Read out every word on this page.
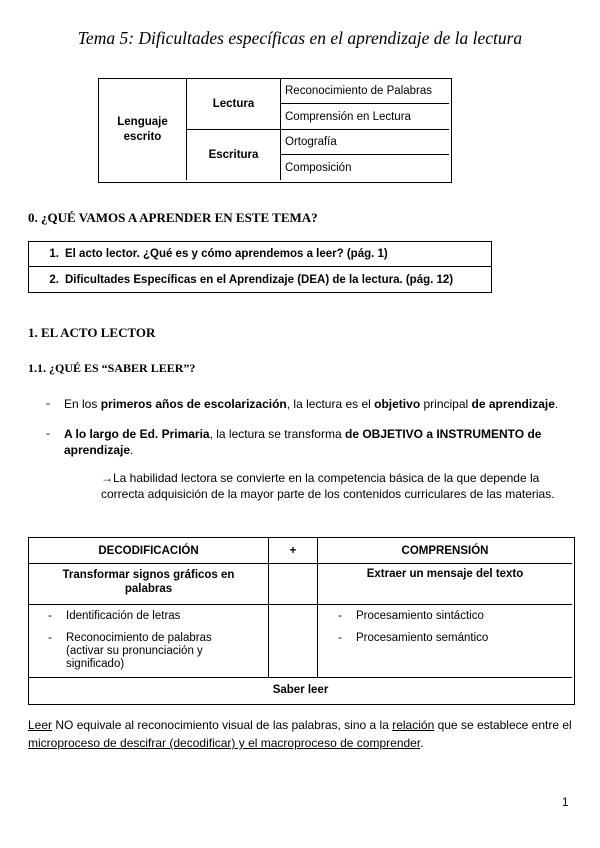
Tema 5: Dificultades específicas en el aprendizaje de la lectura
Lenguaje
escrito
Lectura
Escritura
Reconocimiento de Palabras
Comprensión en Lectura
Ortografía
Composición
0. ¿QUÉ VAMOS A APRENDER EN ESTE TEMA?
1. El acto lector. ¿Qué es y cómo aprendemos a leer? (pág. 1)
2. Dificultades Específicas en el Aprendizaje (DEA) de la lectura. (pág. 12)
1. EL ACTO LECTOR
1.1. ¿QUÉ ES “SABER LEER”?
- En los primeros años de escolarización, la lectura es el objetivo principal de aprendizaje.
- A lo largo de Ed. Primaria, la lectura se transforma de OBJETIVO a INSTRUMENTO de aprendizaje.
→La habilidad lectora se convierte en la competencia básica de la que depende la
correcta adquisición de la mayor parte de los contenidos curriculares de las materias.
DECODIFICACIÓN	+	COMPRENSIÓN
Transformar signos gráficos en palabras
Extraer un mensaje del texto
- Identificación de letras
- Reconocimiento de palabras (activar su pronunciación y significado)
- Procesamiento sintáctico
- Procesamiento semántico
Saber leer
Leer NO equivale al reconocimiento visual de las palabras, sino a la relación que se establece entre el microproceso de descifrar (decodificar) y el macroproceso de comprender.
1
